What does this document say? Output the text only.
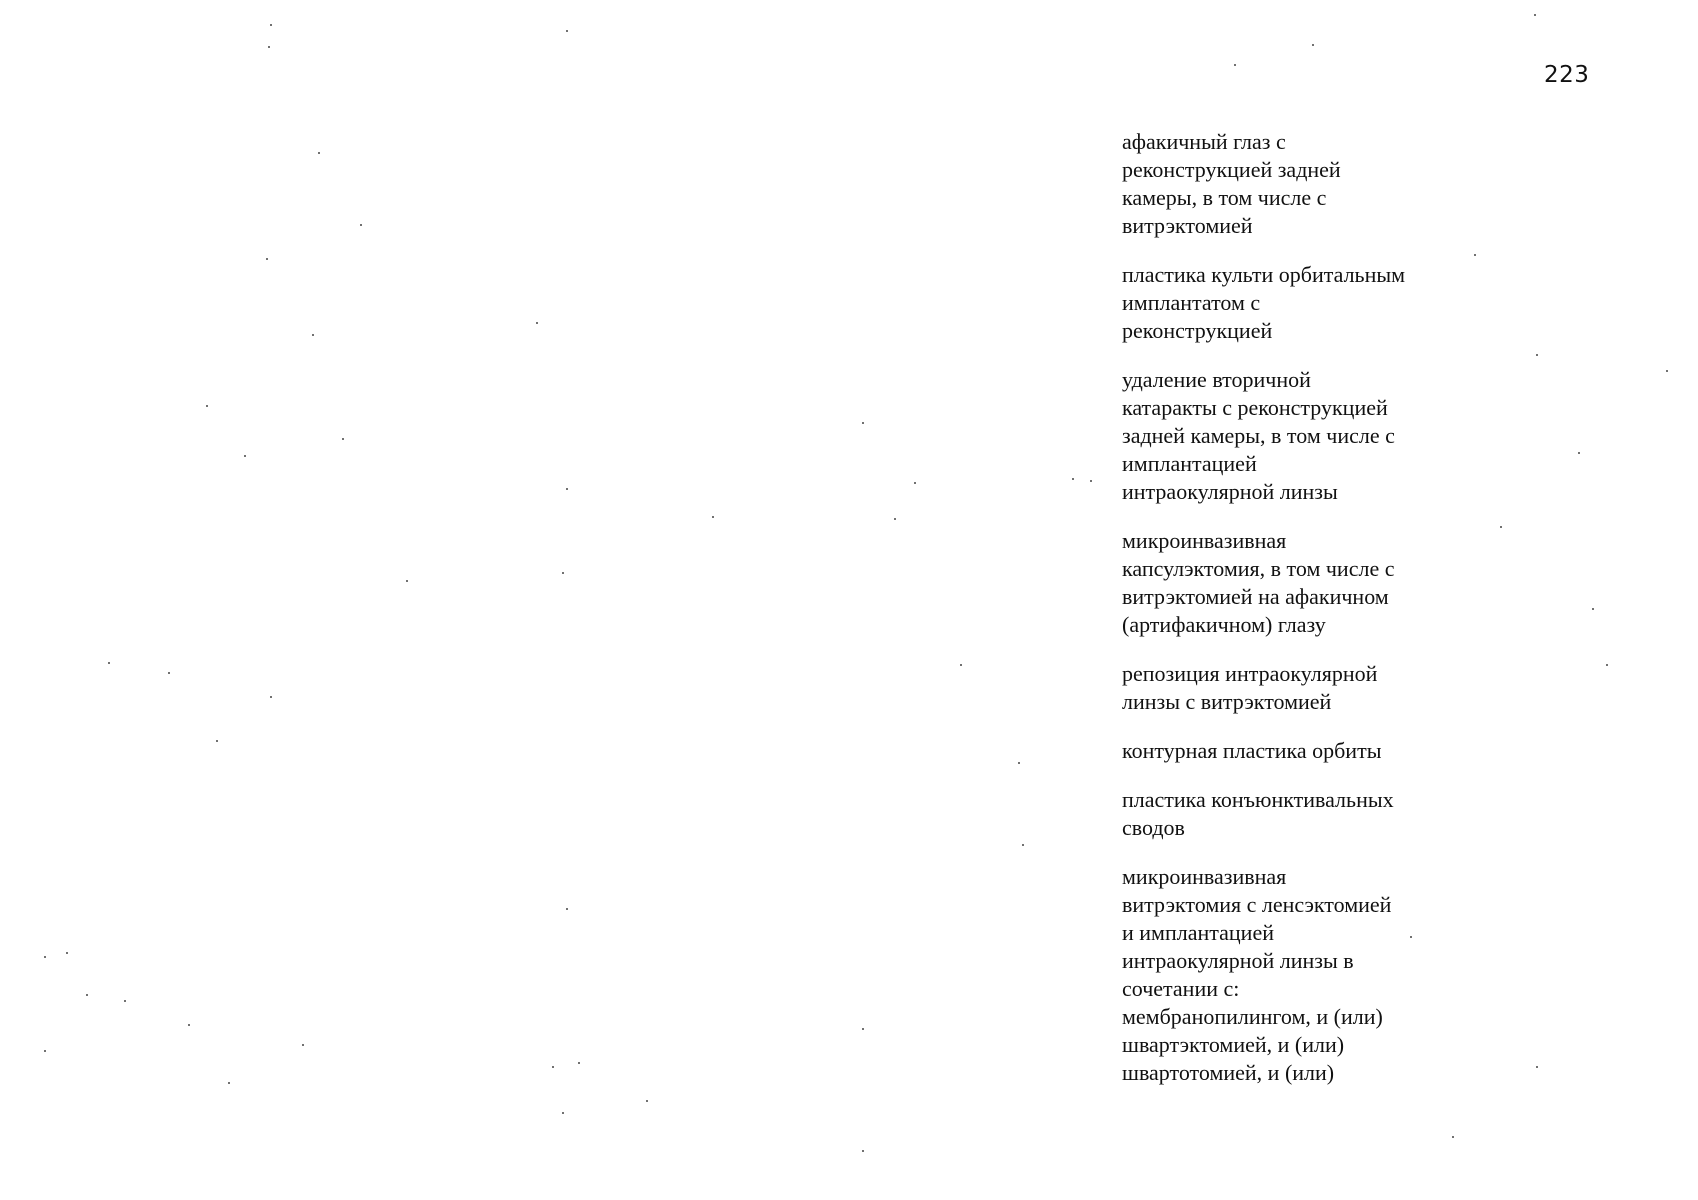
223
афакичный глаз с
реконструкцией задней
камеры, в том числе с
витрэктомией
пластика культи орбитальным
имплантатом с
реконструкцией
удаление вторичной
катаракты с реконструкцией
задней камеры, в том числе с
имплантацией
интраокулярной линзы
микроинвазивная
капсулэктомия, в том числе с
витрэктомией на афакичном
(артифакичном) глазу
репозиция интраокулярной
линзы с витрэктомией
контурная пластика орбиты
пластика конъюнктивальных
сводов
микроинвазивная
витрэктомия с ленсэктомией
и имплантацией
интраокулярной линзы в
сочетании с:
мембранопилингом, и (или)
швартэктомией, и (или)
швартотомией, и (или)
